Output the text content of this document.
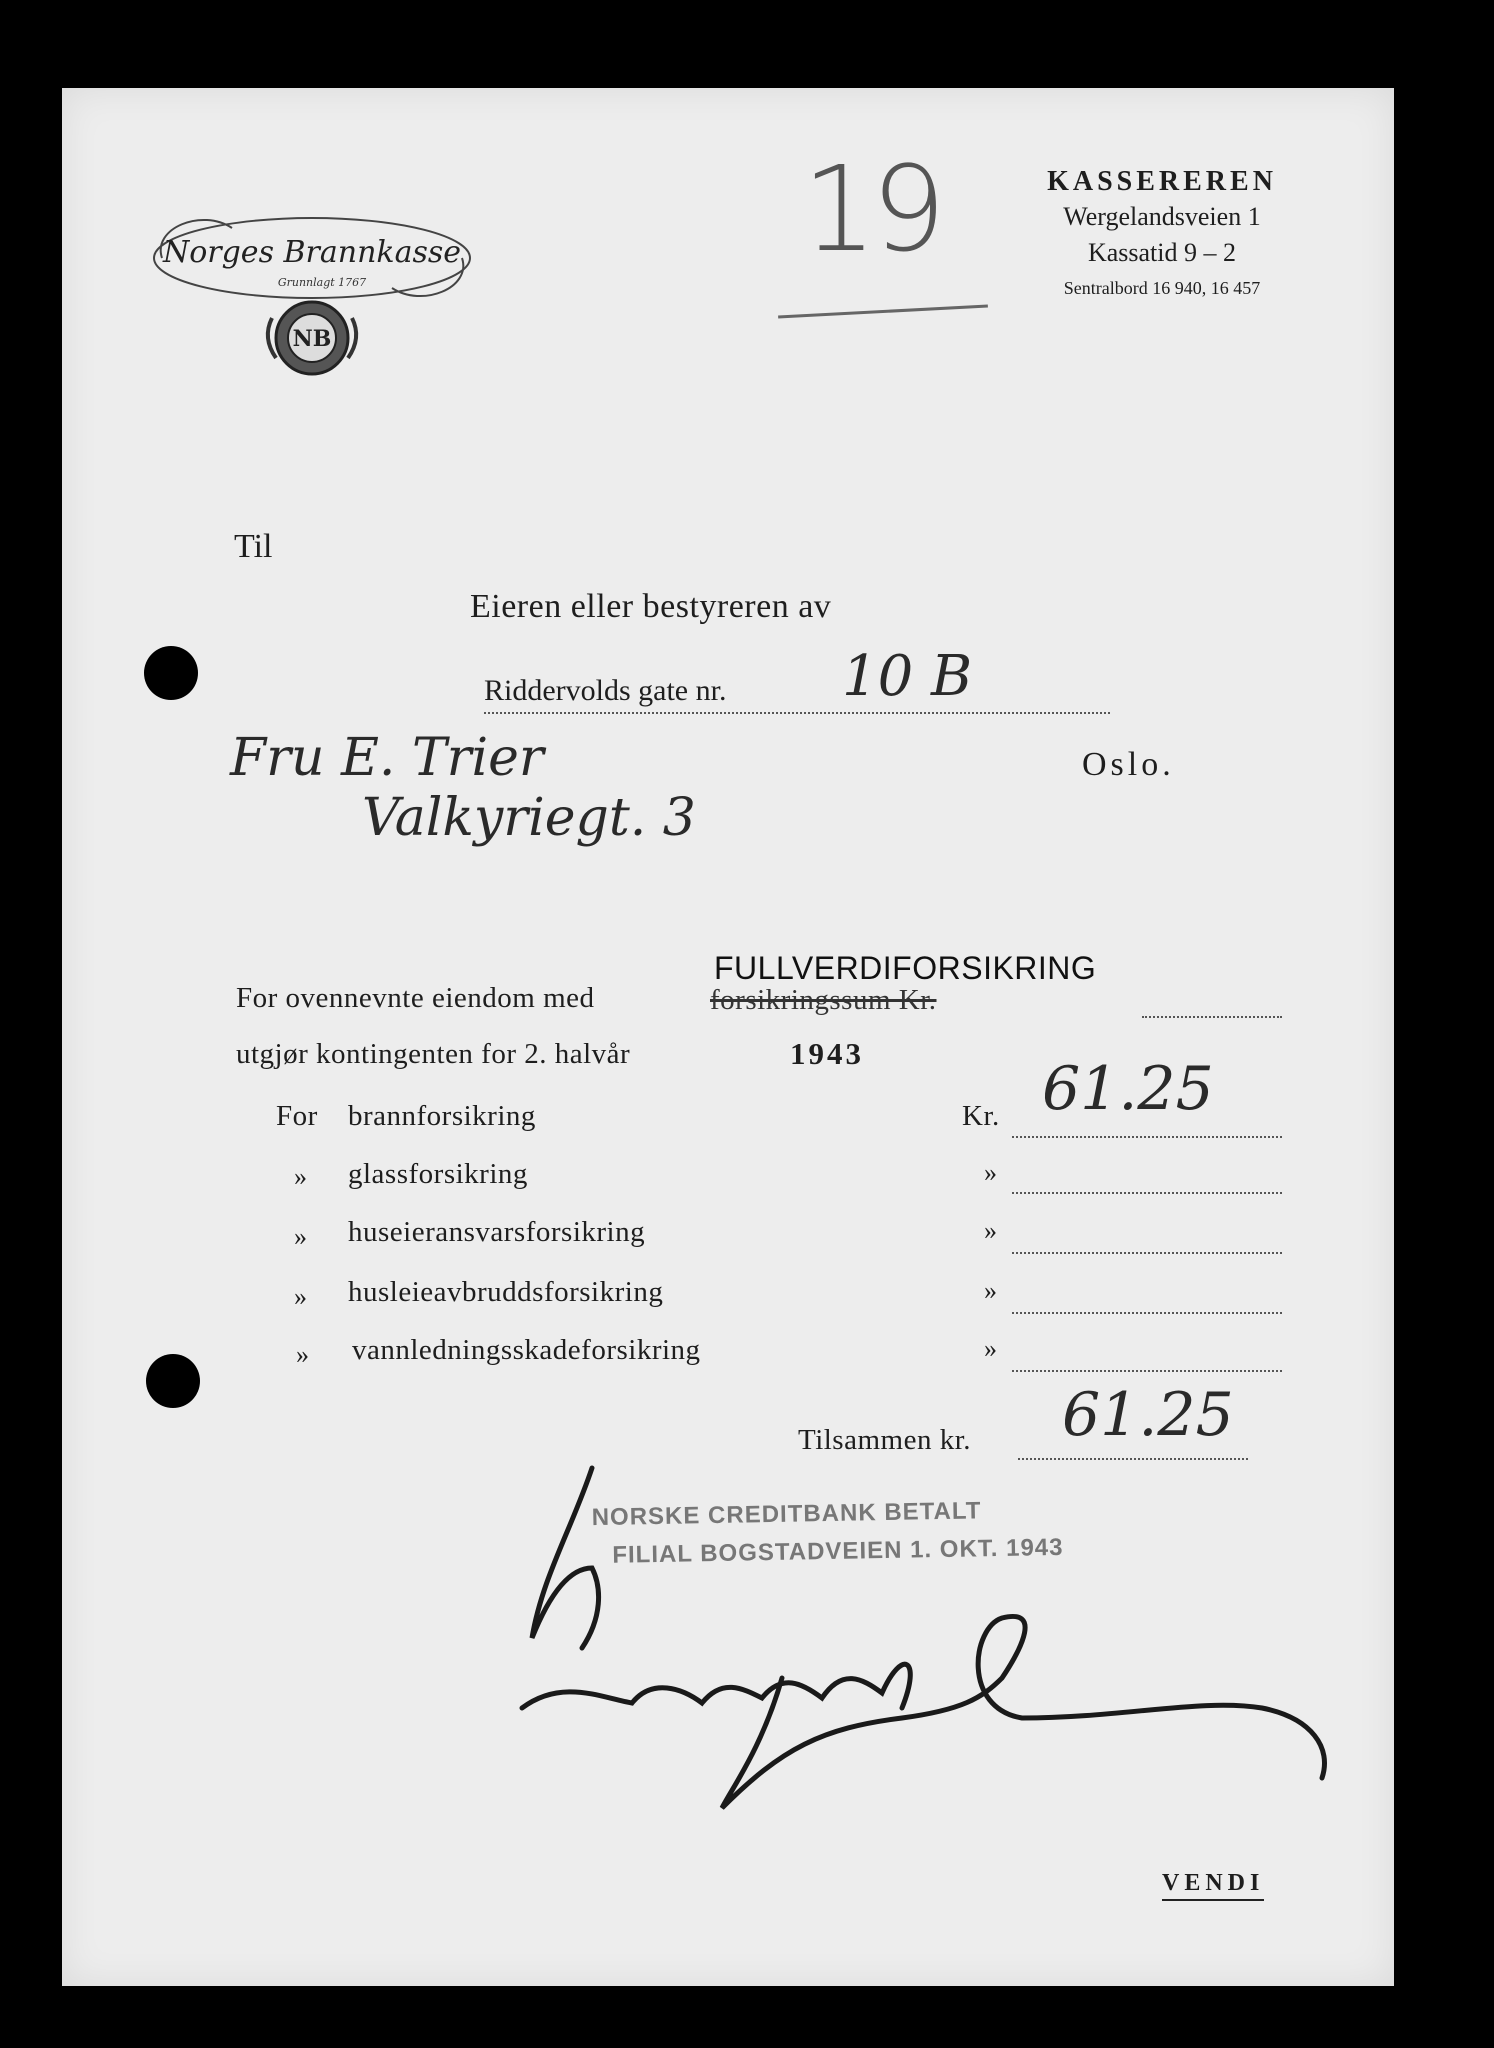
Norges Brannkasse
Grunnlagt 1767
NB
19	KASSEREREN
Wergelandsveien 1
Kassatid 9 – 2
Sentralbord 16 940, 16 457
Til
Eieren eller bestyreren av
Riddervolds gate nr. 10 B
Fru E. Trier
Valkyriegt. 3
Oslo.
For ovennevnte eiendom med	forsikringssum Kr.
FULLVERDIFORSIKRING
utgjør kontingenten for 2. halvår	1943
For brannforsikring	Kr. 61.25
» glassforsikring	»
» huseieransvarsforsikring	»
» husleieavbruddsforsikring	»
» vannledningsskadeforsikring	»
Tilsammen kr. 61.25
NORSKE CREDITBANK BETALT
FILIAL BOGSTADVEIEN 1. OKT. 1943
VENDI
